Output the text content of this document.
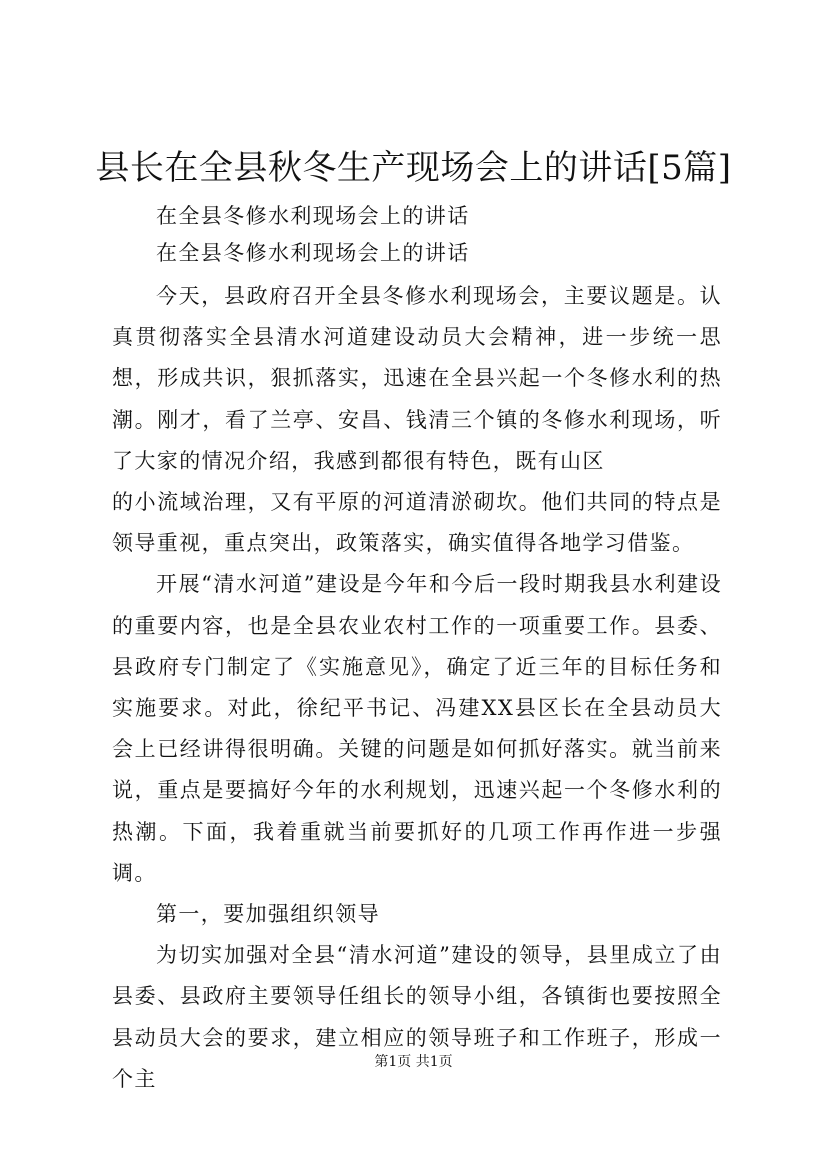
县长在全县秋冬生产现场会上的讲话[5篇]

在全县冬修水利现场会上的讲话

在全县冬修水利现场会上的讲话

今天，县政府召开全县冬修水利现场会，主要议题是。认真贯彻落实全县清水河道建设动员大会精神，进一步统一思想，形成共识，狠抓落实，迅速在全县兴起一个冬修水利的热潮。刚才，看了兰亭、安昌、钱清三个镇的冬修水利现场，听了大家的情况介绍，我感到都很有特色，既有山区

的小流域治理，又有平原的河道清淤砌坎。他们共同的特点是领导重视，重点突出，政策落实，确实值得各地学习借鉴。

开展“清水河道”建设是今年和今后一段时期我县水利建设的重要内容，也是全县农业农村工作的一项重要工作。县委、县政府专门制定了《实施意见》，确定了近三年的目标任务和实施要求。对此，徐纪平书记、冯建XX县区长在全县动员大会上已经讲得很明确。关键的问题是如何抓好落实。就当前来说，重点是要搞好今年的水利规划，迅速兴起一个冬修水利的热潮。下面，我着重就当前要抓好的几项工作再作进一步强调。

第一，要加强组织领导

为切实加强对全县“清水河道”建设的领导，县里成立了由县委、县政府主要领导任组长的领导小组，各镇街也要按照全县动员大会的要求，建立相应的领导班子和工作班子，形成一个主

第1页 共1页
